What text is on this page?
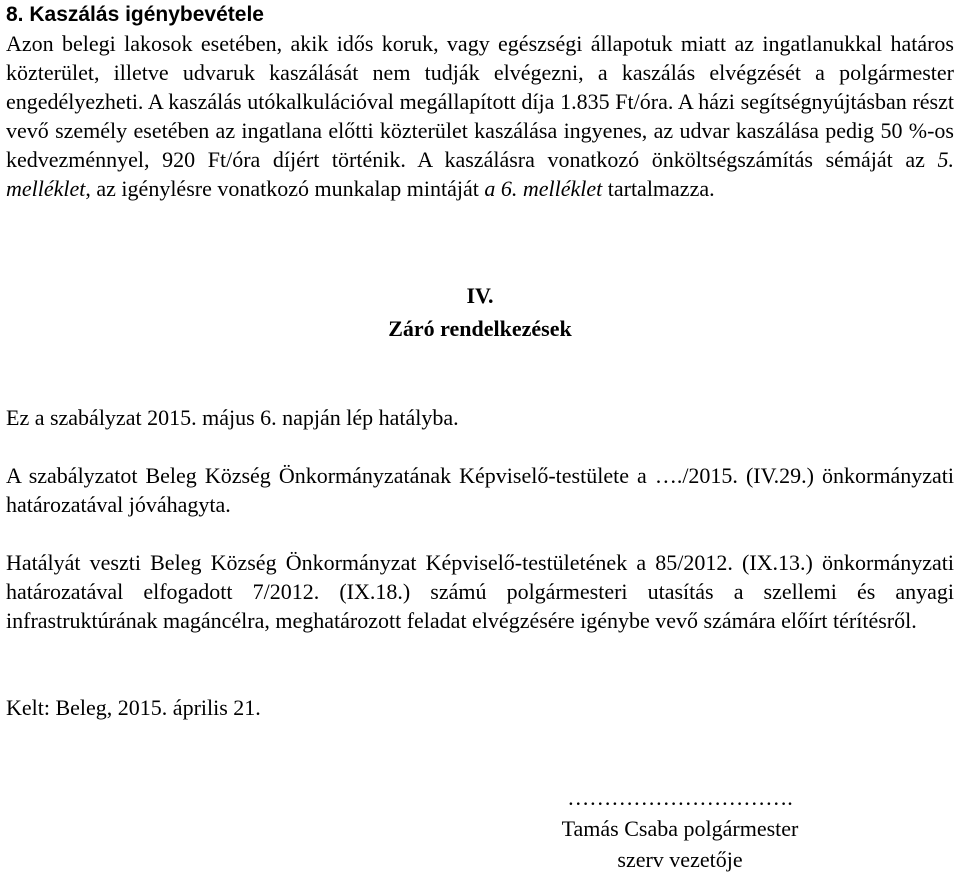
8. Kaszálás igénybevétele

Azon belegi lakosok esetében, akik idős koruk, vagy egészségi állapotuk miatt az ingatlanukkal határos közterület, illetve udvaruk kaszálását nem tudják elvégezni, a kaszálás elvégzését a polgármester engedélyezheti. A kaszálás utókalkulációval megállapított díja 1.835 Ft/óra. A házi segítségnyújtásban részt vevő személy esetében az ingatlana előtti közterület kaszálása ingyenes, az udvar kaszálása pedig 50 %-os kedvezménnyel, 920 Ft/óra díjért történik. A kaszálásra vonatkozó önköltségszámítás sémáját az 5. melléklet, az igénylésre vonatkozó munkalap mintáját a 6. melléklet tartalmazza.

IV.

Záró rendelkezések

Ez a szabályzat 2015. május 6. napján lép hatályba.

A szabályzatot Beleg Község Önkormányzatának Képviselő-testülete a …./2015. (IV.29.) önkormányzati határozatával jóváhagyta.

Hatályát veszti Beleg Község Önkormányzat Képviselő-testületének a 85/2012. (IX.13.) önkormányzati határozatával elfogadott 7/2012. (IX.18.) számú polgármesteri utasítás a szellemi és anyagi infrastruktúrának magáncélra, meghatározott feladat elvégzésére igénybe vevő számára előírt térítésről.

Kelt: Beleg, 2015. április 21.

………………………….
Tamás Csaba polgármester
szerv vezetője
